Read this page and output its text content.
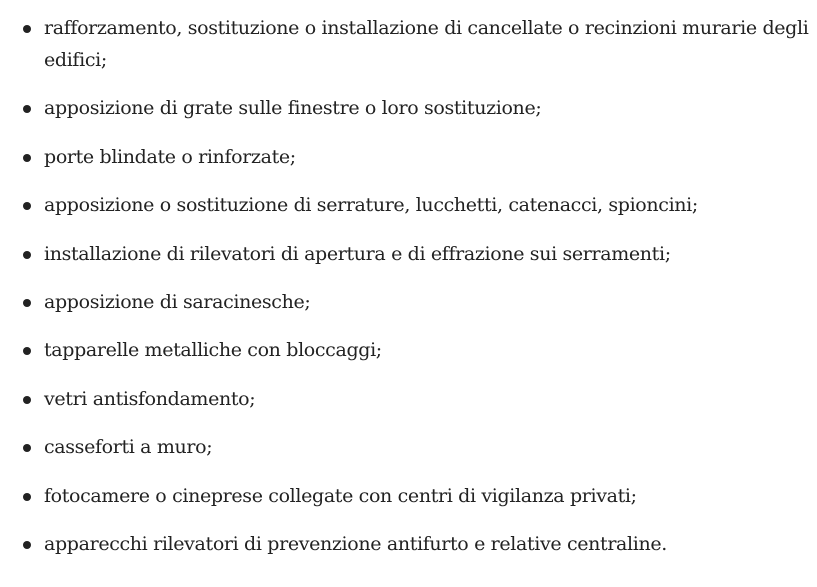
rafforzamento, sostituzione o installazione di cancellate o recinzioni murarie degli edifici;
apposizione di grate sulle finestre o loro sostituzione;
porte blindate o rinforzate;
apposizione o sostituzione di serrature, lucchetti, catenacci, spioncini;
installazione di rilevatori di apertura e di effrazione sui serramenti;
apposizione di saracinesche;
tapparelle metalliche con bloccaggi;
vetri antisfondamento;
casseforti a muro;
fotocamere o cineprese collegate con centri di vigilanza privati;
apparecchi rilevatori di prevenzione antifurto e relative centraline.
